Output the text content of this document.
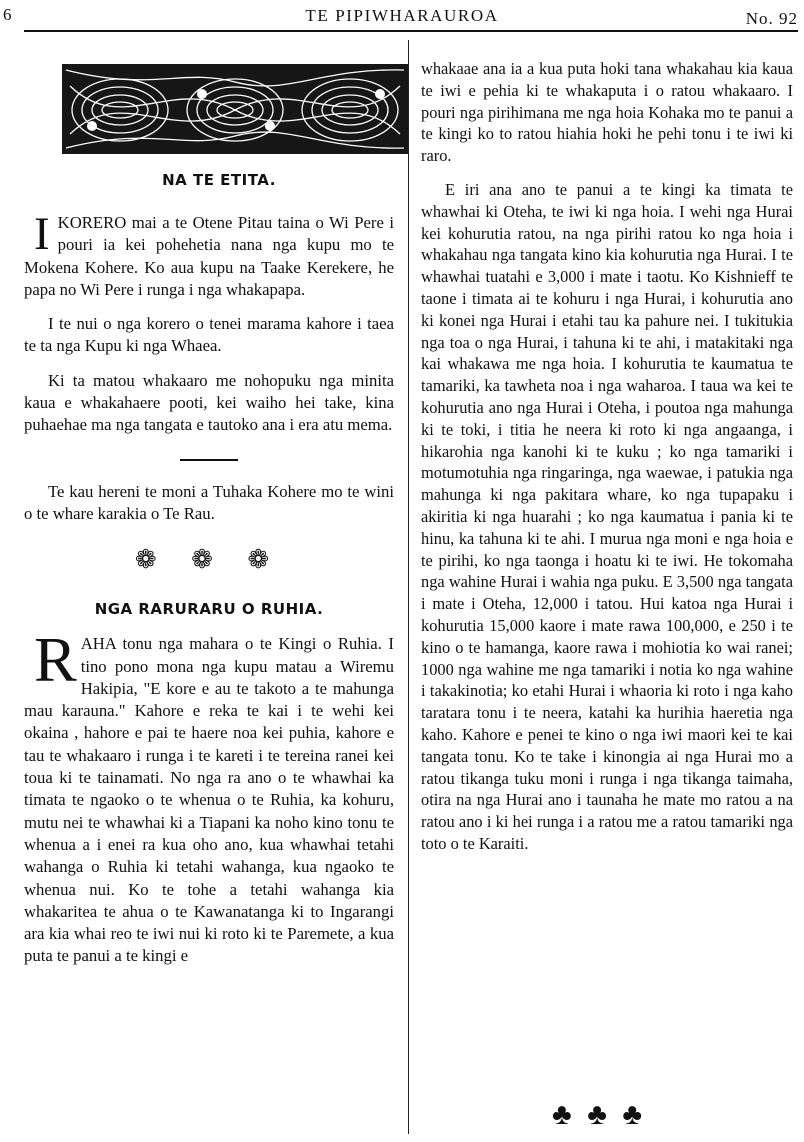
6	TE PIPIWHARAUROA	No. 92
NA TE ETITA.

IKORERO mai a te Otene Pitau taina o Wi Pere i pouri ia kei pohehetia nana nga kupu mo te Mokena Kohere. Ko aua kupu na Taake Kerekere, he papa no Wi Pere i runga i nga whakapapa.

I te nui o nga korero o tenei marama kahore i taea te ta nga Kupu ki nga Whaea.

Ki ta matou whakaaro me nohopuku nga minita kaua e whakahaere pooti, kei waiho hei take, kina puhaehae ma nga tangata e tautoko ana i era atu mema.

Te kau hereni te moni a Tuhaka Kohere mo te wini o te whare karakia o Te Rau.

❁ ❁ ❁
NGA RARURARU O RUHIA.

RAHA tonu nga mahara o te Kingi o Ruhia. I tino pono mona nga kupu matau a Wiremu Hakipia, "E kore e au te takoto a te mahunga mau karauna." Kahore e reka te kai i te wehi kei okaina , hahore e pai te haere noa kei puhia, kahore e tau te whakaaro i runga i te kareti i te tereina ranei kei toua ki te tainamati. No nga ra ano o te whawhai ka timata te ngaoko o te whenua o te Ruhia, ka kohuru, mutu nei te whawhai ki a Tiapani ka noho kino tonu te whenua a i enei ra kua oho ano, kua whawhai tetahi wahanga o Ruhia ki tetahi wahanga, kua ngaoko te whenua nui. Ko te tohe a tetahi wahanga kia whakaritea te ahua o te Kawanatanga ki to Ingarangi ara kia whai reo te iwi nui ki roto ki te Paremete, a kua puta te panui a te kingi e

whakaae ana ia a kua puta hoki tana whakahau kia kaua te iwi e pehia ki te whakaputa i o ratou whakaaro. I pouri nga pirihimana me nga hoia Kohaka mo te panui a te kingi ko to ratou hiahia hoki he pehi tonu i te iwi ki raro.

E iri ana ano te panui a te kingi ka timata te whawhai ki Oteha, te iwi ki nga hoia. I wehi nga Hurai kei kohurutia ratou, na nga pirihi ratou ko nga hoia i whakahau nga tangata kino kia kohurutia nga Hurai. I te whawhai tuatahi e 3,000 i mate i taotu. Ko Kishnieff te taone i timata ai te kohuru i nga Hurai, i kohurutia ano ki konei nga Hurai i etahi tau ka pahure nei. I tukitukia nga toa o nga Hurai, i tahuna ki te ahi, i matakitaki nga kai whakawa me nga hoia. I kohurutia te kaumatua te tamariki, ka tawheta noa i nga waharoa. I taua wa kei te kohurutia ano nga Hurai i Oteha, i poutoa nga mahunga ki te toki, i titia he neera ki roto ki nga angaanga, i hikarohia nga kanohi ki te kuku ; ko nga tamariki i motumotuhia nga ringaringa, nga waewae, i patukia nga mahunga ki nga pakitara whare, ko nga tupapaku i akiritia ki nga huarahi ; ko nga kaumatua i pania ki te hinu, ka tahuna ki te ahi. I murua nga moni e nga hoia e te pirihi, ko nga taonga i hoatu ki te iwi. He tokomaha nga wahine Hurai i wahia nga puku. E 3,500 nga tangata i mate i Oteha, 12,000 i tatou. Hui katoa nga Hurai i kohurutia 15,000 kaore i mate rawa 100,000, e 250 i te kino o te hamanga, kaore rawa i mohiotia ko wai ranei; 1000 nga wahine me nga tamariki i notia ko nga wahine i takakinotia; ko etahi Hurai i whaoria ki roto i nga kaho taratara tonu i te neera, katahi ka hurihia haeretia nga kaho. Kahore e penei te kino o nga iwi maori kei te kai tangata tonu. Ko te take i kinongia ai nga Hurai mo a ratou tikanga tuku moni i runga i nga tikanga taimaha, otira na nga Hurai ano i taunaha he mate mo ratou a na ratou ano i ki hei runga i a ratou me a ratou tamariki nga toto o te Karaiti.

♣ ♣ ♣
